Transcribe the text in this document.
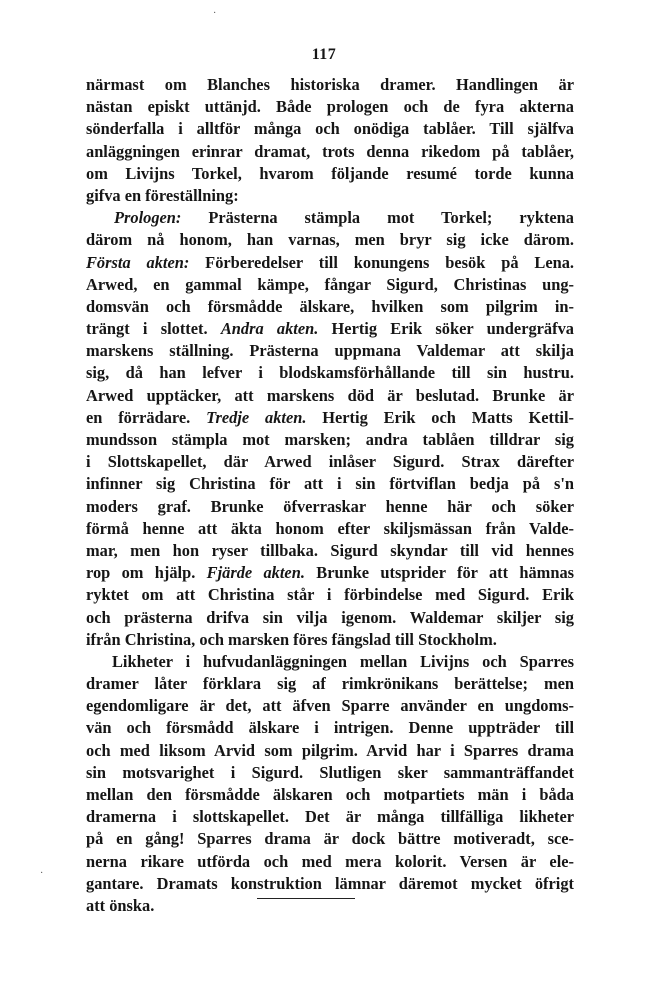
117
närmast om Blanches historiska dramer. Handlingen är
nästan episkt uttänjd. Både prologen och de fyra akterna
sönderfalla i alltför många och onödiga tablåer. Till själfva
anläggningen erinrar dramat, trots denna rikedom på tablåer,
om Livijns Torkel, hvarom följande resumé torde kunna
gifva en föreställning:
Prologen: Prästerna stämpla mot Torkel; ryktena
därom nå honom, han varnas, men bryr sig icke därom.
Första akten: Förberedelser till konungens besök på Lena.
Arwed, en gammal kämpe, fångar Sigurd, Christinas ung-
domsvän och försmådde älskare, hvilken som pilgrim in-
trängt i slottet. Andra akten. Hertig Erik söker undergräfva
marskens ställning. Prästerna uppmana Valdemar att skilja
sig, då han lefver i blodskamsförhållande till sin hustru.
Arwed upptäcker, att marskens död är beslutad. Brunke är
en förrädare. Tredje akten. Hertig Erik och Matts Kettil-
mundsson stämpla mot marsken; andra tablåen tilldrar sig
i Slottskapellet, där Arwed inlåser Sigurd. Strax därefter
infinner sig Christina för att i sin förtviflan bedja på s'n
moders graf. Brunke öfverraskar henne här och söker
förmå henne att äkta honom efter skiljsmässan från Valde-
mar, men hon ryser tillbaka. Sigurd skyndar till vid hennes
rop om hjälp. Fjärde akten. Brunke utsprider för att hämnas
ryktet om att Christina står i förbindelse med Sigurd. Erik
och prästerna drifva sin vilja igenom. Waldemar skiljer sig
ifrån Christina, och marsken föres fängslad till Stockholm.
Likheter i hufvudanläggningen mellan Livijns och Sparres
dramer låter förklara sig af rimkrönikans berättelse; men
egendomligare är det, att äfven Sparre använder en ungdoms-
vän och försmådd älskare i intrigen. Denne uppträder till
och med liksom Arvid som pilgrim. Arvid har i Sparres drama
sin motsvarighet i Sigurd. Slutligen sker sammanträffandet
mellan den försmådde älskaren och motpartiets män i båda
dramerna i slottskapellet. Det är många tillfälliga likheter
på en gång! Sparres drama är dock bättre motiveradt, sce-
nerna rikare utförda och med mera kolorit. Versen är ele-
gantare. Dramats konstruktion lämnar däremot mycket öfrigt
att önska.
·
·
